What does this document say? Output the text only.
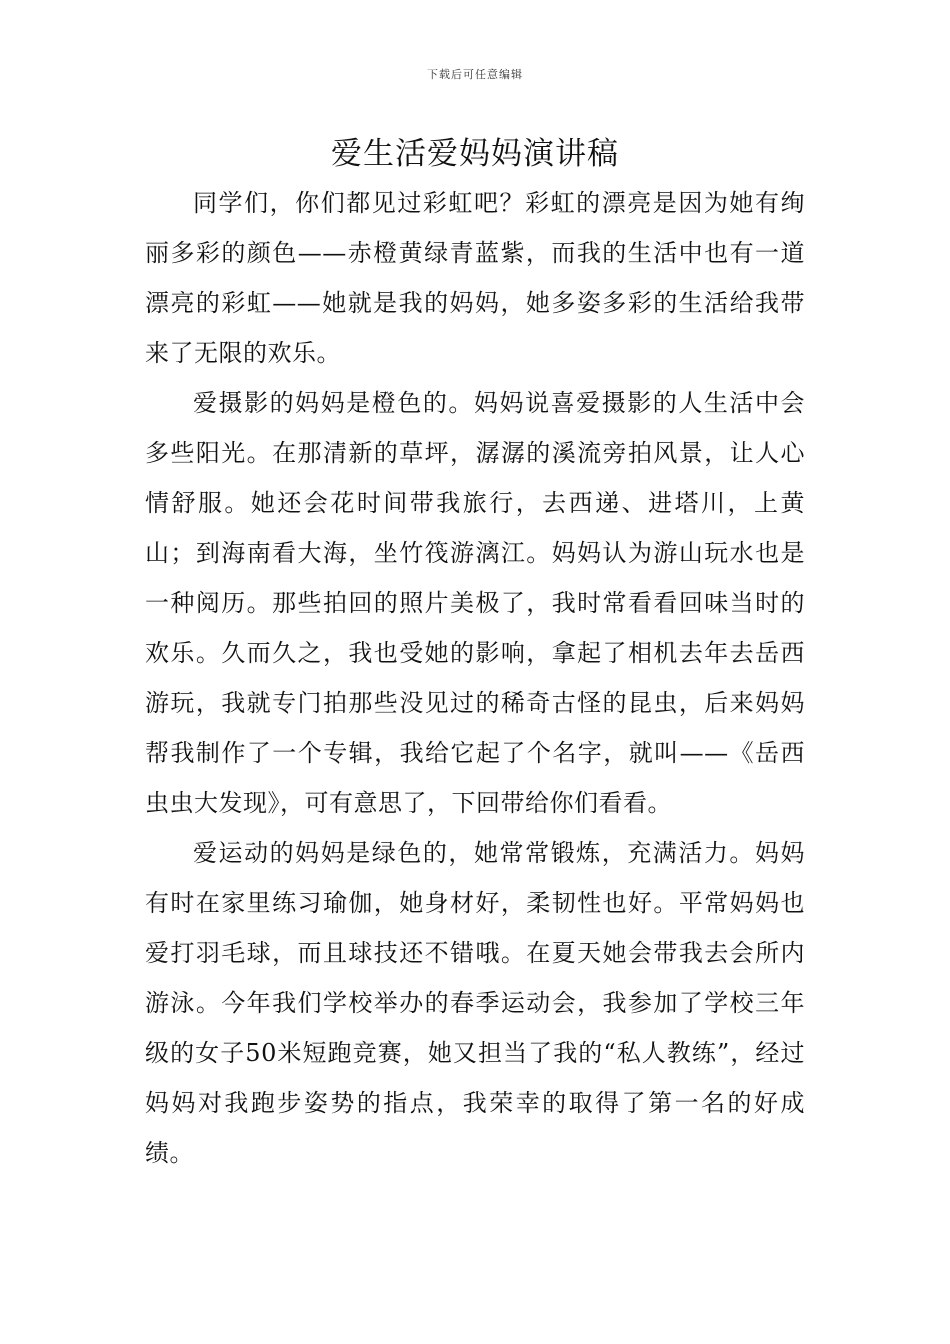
下载后可任意编辑
爱生活爱妈妈演讲稿

同学们，你们都见过彩虹吧？彩虹的漂亮是因为她有绚丽多彩的颜色——赤橙黄绿青蓝紫，而我的生活中也有一道漂亮的彩虹——她就是我的妈妈，她多姿多彩的生活给我带来了无限的欢乐。

爱摄影的妈妈是橙色的。妈妈说喜爱摄影的人生活中会多些阳光。在那清新的草坪，潺潺的溪流旁拍风景，让人心情舒服。她还会花时间带我旅行，去西递、进塔川，上黄山；到海南看大海，坐竹筏游漓江。妈妈认为游山玩水也是一种阅历。那些拍回的照片美极了，我时常看看回味当时的欢乐。久而久之，我也受她的影响，拿起了相机去年去岳西游玩，我就专门拍那些没见过的稀奇古怪的昆虫，后来妈妈帮我制作了一个专辑，我给它起了个名字，就叫——《岳西虫虫大发现》，可有意思了，下回带给你们看看。

爱运动的妈妈是绿色的，她常常锻炼，充满活力。妈妈有时在家里练习瑜伽，她身材好，柔韧性也好。平常妈妈也爱打羽毛球，而且球技还不错哦。在夏天她会带我去会所内游泳。今年我们学校举办的春季运动会，我参加了学校三年级的女子50米短跑竞赛，她又担当了我的“私人教练”，经过妈妈对我跑步姿势的指点，我荣幸的取得了第一名的好成绩。
